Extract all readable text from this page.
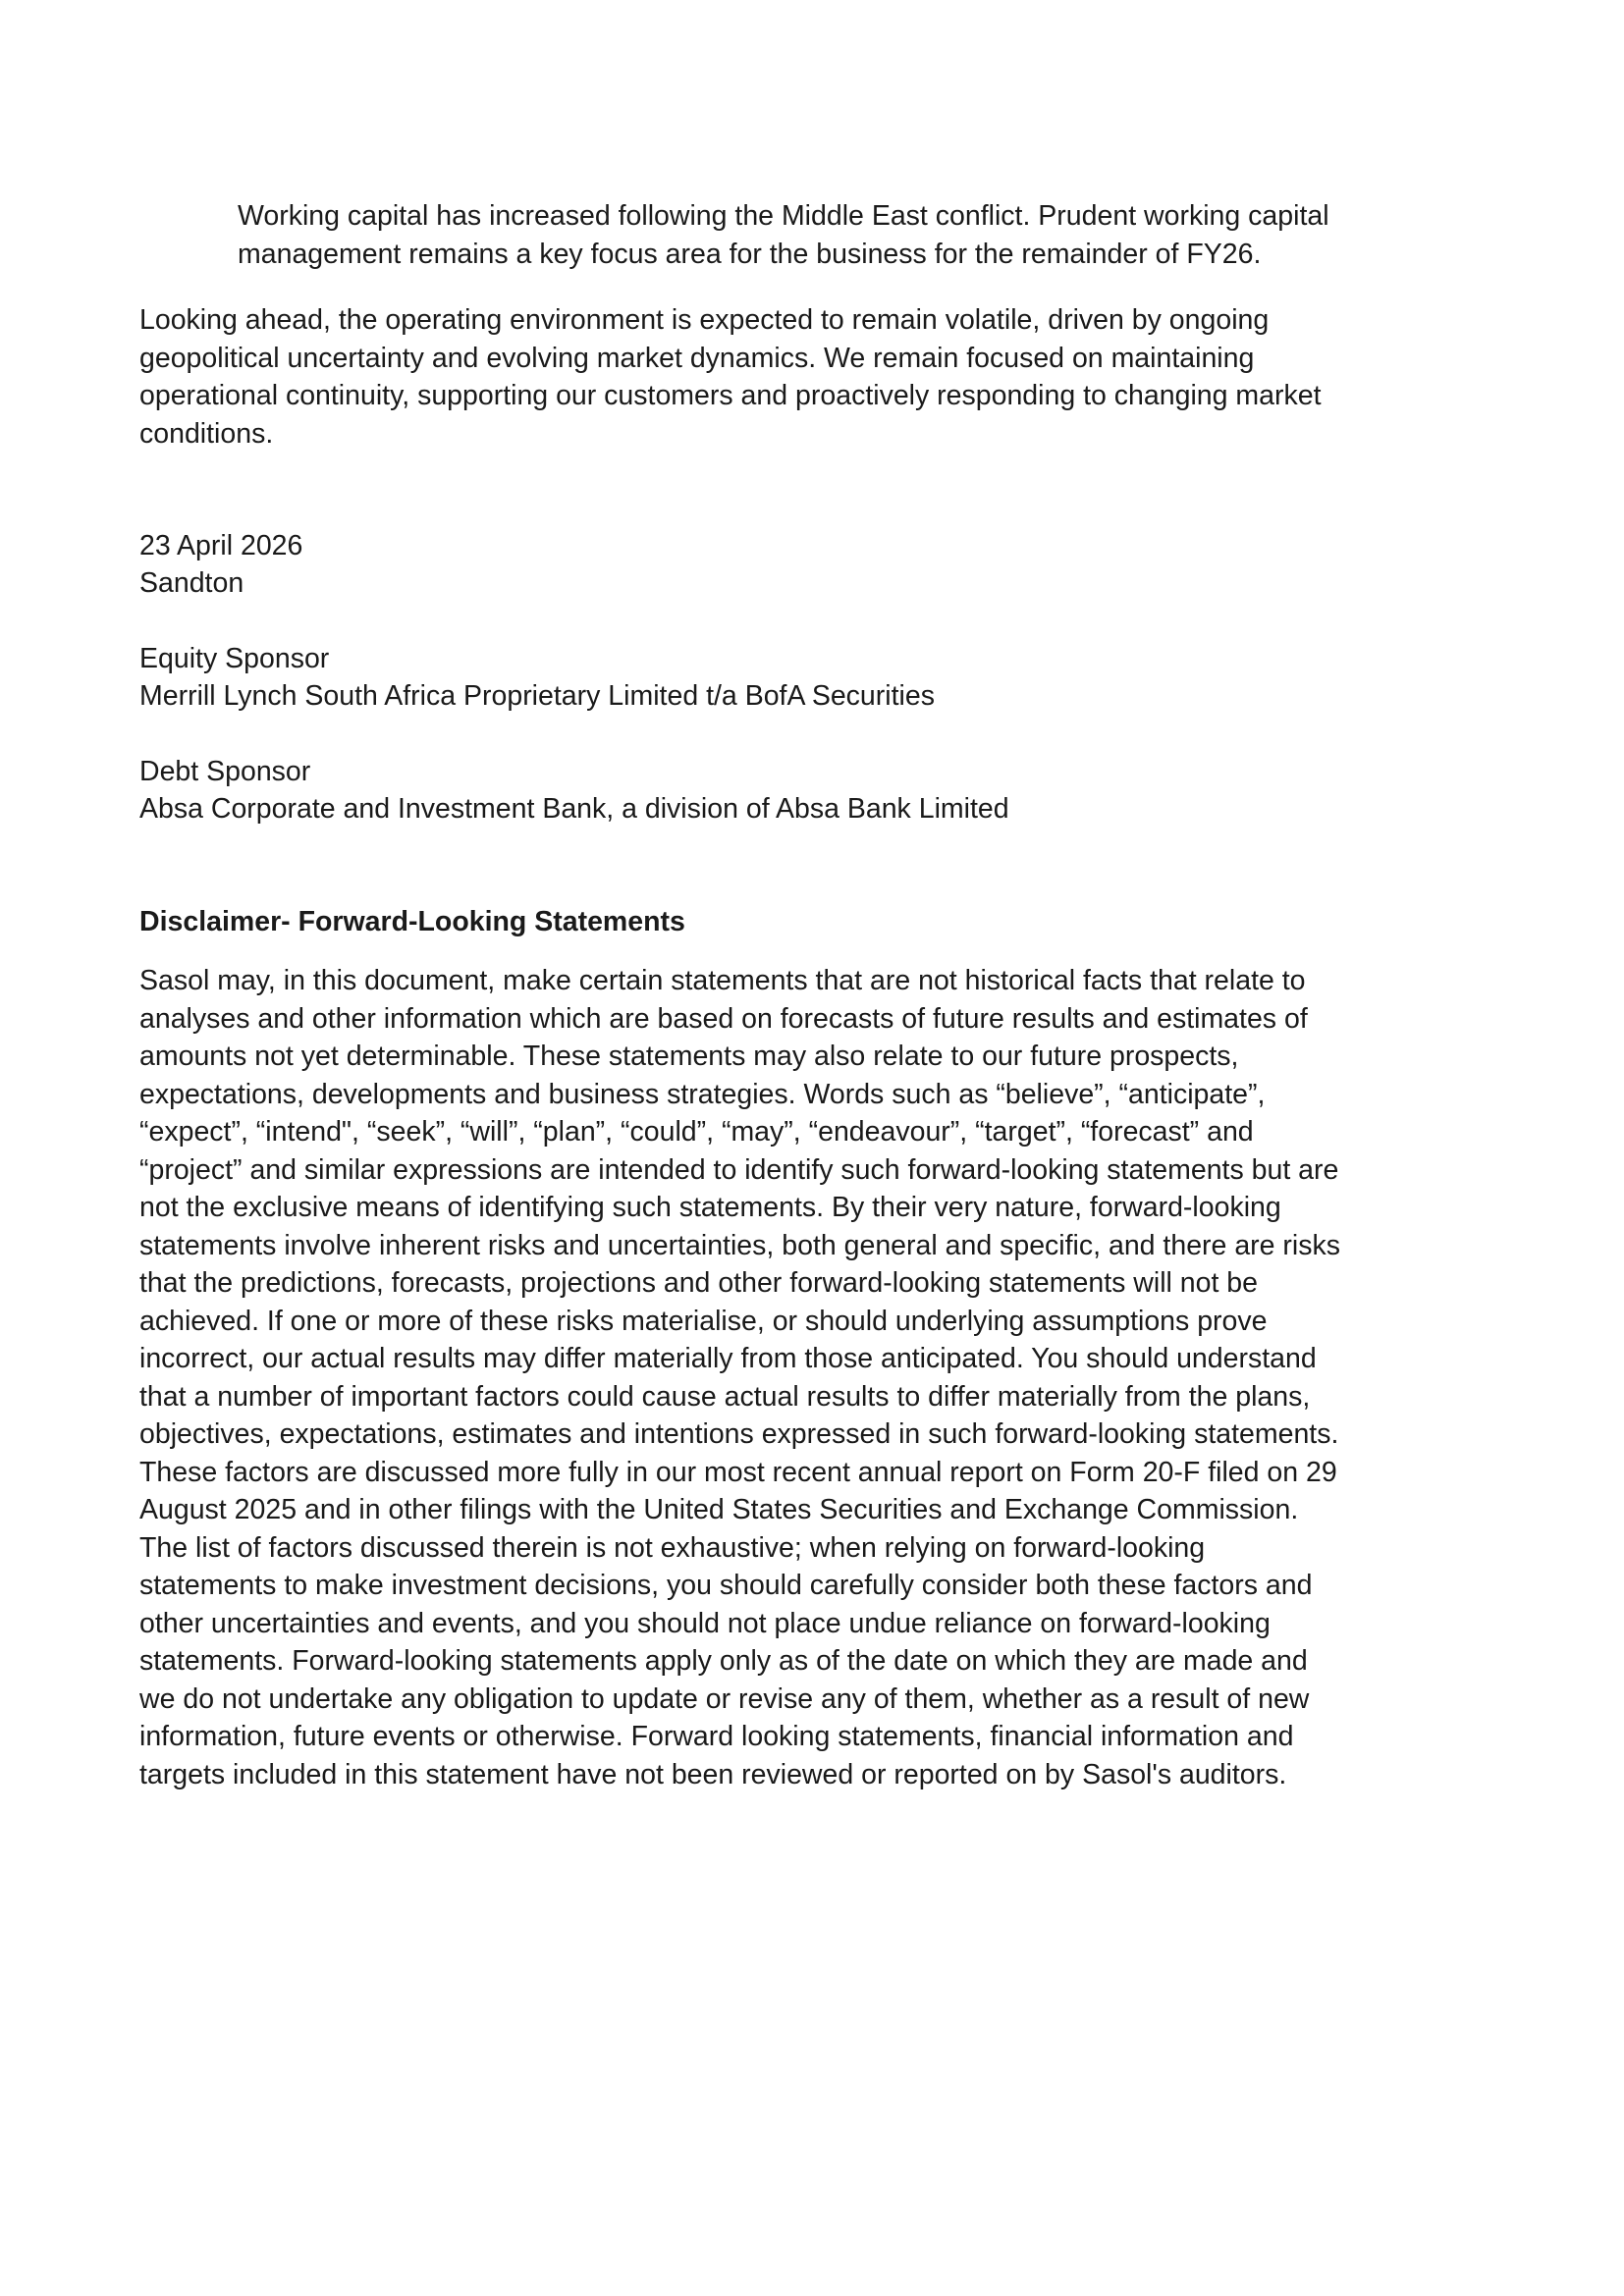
Working capital has increased following the Middle East conflict. Prudent working capital
management remains a key focus area for the business for the remainder of FY26.

Looking ahead, the operating environment is expected to remain volatile, driven by ongoing
geopolitical uncertainty and evolving market dynamics. We remain focused on maintaining
operational continuity, supporting our customers and proactively responding to changing market
conditions.

23 April 2026
Sandton
Equity Sponsor
Merrill Lynch South Africa Proprietary Limited t/a BofA Securities
Debt Sponsor
Absa Corporate and Investment Bank, a division of Absa Bank Limited
Disclaimer- Forward-Looking Statements

Sasol may, in this document, make certain statements that are not historical facts that relate to
analyses and other information which are based on forecasts of future results and estimates of
amounts not yet determinable. These statements may also relate to our future prospects,
expectations, developments and business strategies. Words such as “believe”, “anticipate”,
“expect”, “intend", “seek”, “will”, “plan”, “could”, “may”, “endeavour”, “target”, “forecast” and
“project” and similar expressions are intended to identify such forward-looking statements but are
not the exclusive means of identifying such statements. By their very nature, forward-looking
statements involve inherent risks and uncertainties, both general and specific, and there are risks
that the predictions, forecasts, projections and other forward-looking statements will not be
achieved. If one or more of these risks materialise, or should underlying assumptions prove
incorrect, our actual results may differ materially from those anticipated. You should understand
that a number of important factors could cause actual results to differ materially from the plans,
objectives, expectations, estimates and intentions expressed in such forward-looking statements.
These factors are discussed more fully in our most recent annual report on Form 20-F filed on 29
August 2025 and in other filings with the United States Securities and Exchange Commission.
The list of factors discussed therein is not exhaustive; when relying on forward-looking
statements to make investment decisions, you should carefully consider both these factors and
other uncertainties and events, and you should not place undue reliance on forward-looking
statements. Forward-looking statements apply only as of the date on which they are made and
we do not undertake any obligation to update or revise any of them, whether as a result of new
information, future events or otherwise. Forward looking statements, financial information and
targets included in this statement have not been reviewed or reported on by Sasol's auditors.
